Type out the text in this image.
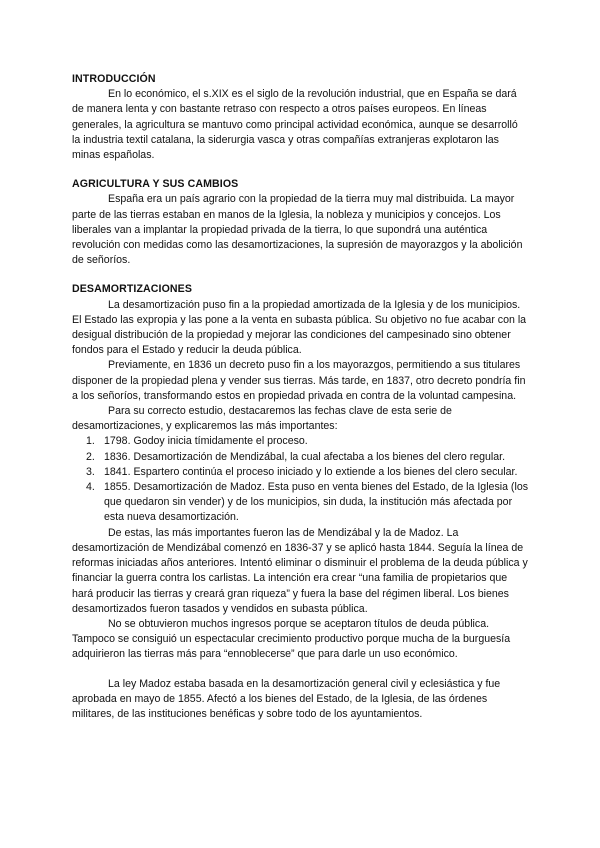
INTRODUCCIÓN

En lo económico, el s.XIX es el siglo de la revolución industrial, que en España se dará de manera lenta y con bastante retraso con respecto a otros países europeos. En líneas generales, la agricultura se mantuvo como principal actividad económica, aunque se desarrolló la industria textil catalana, la siderurgia vasca y otras compañías extranjeras explotaron las minas españolas.

AGRICULTURA Y SUS CAMBIOS

España era un país agrario con la propiedad de la tierra muy mal distribuida. La mayor parte de las tierras estaban en manos de la Iglesia, la nobleza y municipios y concejos. Los liberales van a implantar la propiedad privada de la tierra, lo que supondrá una auténtica revolución con medidas como las desamortizaciones, la supresión de mayorazgos y la abolición de señoríos.

DESAMORTIZACIONES

La desamortización puso fin a la propiedad amortizada de la Iglesia y de los municipios. El Estado las expropia y las pone a la venta en subasta pública. Su objetivo no fue acabar con la desigual distribución de la propiedad y mejorar las condiciones del campesinado sino obtener fondos para el Estado y reducir la deuda pública.

Previamente, en 1836 un decreto puso fin a los mayorazgos, permitiendo a sus titulares disponer de la propiedad plena y vender sus tierras. Más tarde, en 1837, otro decreto pondría fin a los señoríos, transformando estos en propiedad privada en contra de la voluntad campesina.

Para su correcto estudio, destacaremos las fechas clave de esta serie de desamortizaciones, y explicaremos las más importantes:

1. 1798. Godoy inicia tímidamente el proceso.
2. 1836. Desamortización de Mendizábal, la cual afectaba a los bienes del clero regular.
3. 1841. Espartero continúa el proceso iniciado y lo extiende a los bienes del clero secular.
4. 1855. Desamortización de Madoz. Esta puso en venta bienes del Estado, de la Iglesia (los que quedaron sin vender) y de los municipios, sin duda, la institución más afectada por esta nueva desamortización.

De estas, las más importantes fueron las de Mendizábal y la de Madoz. La desamortización de Mendizábal comenzó en 1836-37 y se aplicó hasta 1844. Seguía la línea de reformas iniciadas años anteriores. Intentó eliminar o disminuir el problema de la deuda pública y financiar la guerra contra los carlistas. La intención era crear “una familia de propietarios que hará producir las tierras y creará gran riqueza” y fuera la base del régimen liberal. Los bienes desamortizados fueron tasados y vendidos en subasta pública.

No se obtuvieron muchos ingresos porque se aceptaron títulos de deuda pública. Tampoco se consiguió un espectacular crecimiento productivo porque mucha de la burguesía adquirieron las tierras más para “ennoblecerse” que para darle un uso económico.

La ley Madoz estaba basada en la desamortización general civil y eclesiástica y fue aprobada en mayo de 1855. Afectó a los bienes del Estado, de la Iglesia, de las órdenes militares, de las instituciones benéficas y sobre todo de los ayuntamientos.
